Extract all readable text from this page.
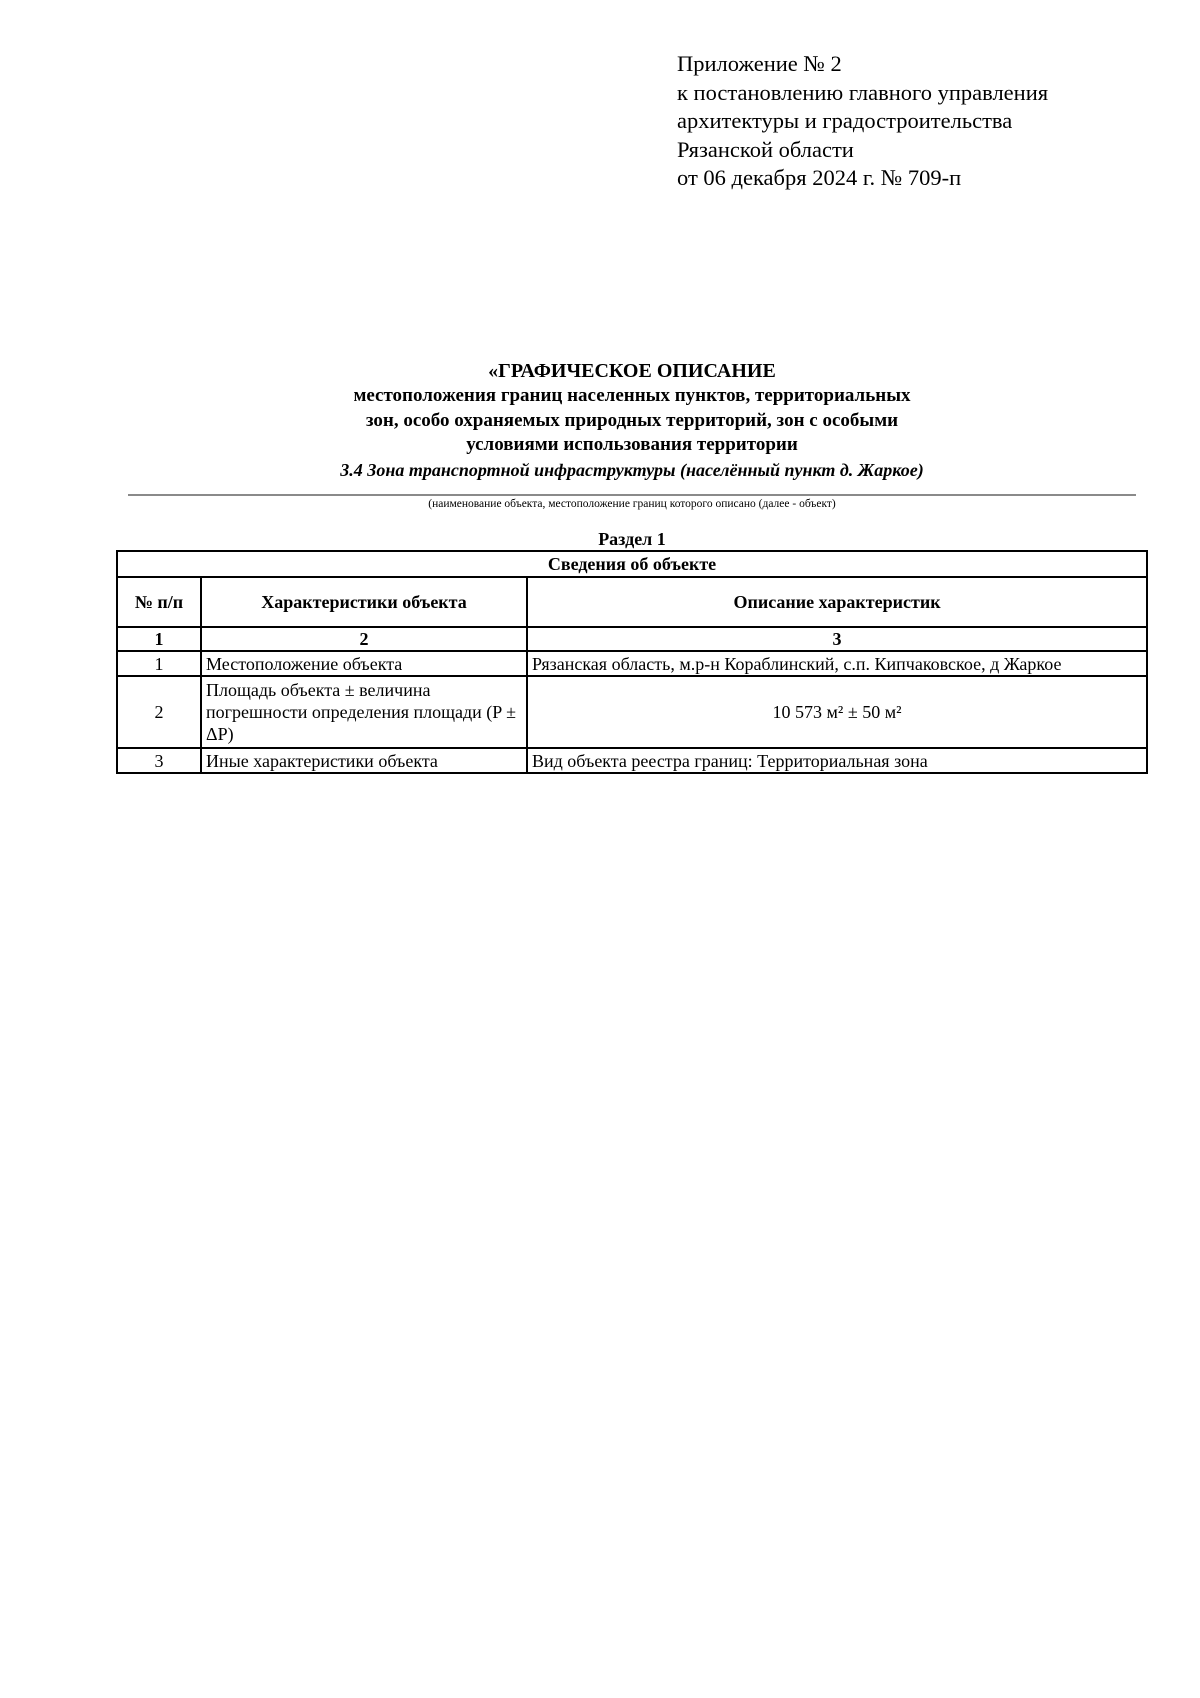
Приложение № 2
к постановлению главного управления
архитектуры и градостроительства
Рязанской области
от 06 декабря 2024 г. № 709-п
«ГРАФИЧЕСКОЕ ОПИСАНИЕ
местоположения границ населенных пунктов, территориальных
зон, особо охраняемых природных территорий, зон с особыми
условиями использования территории
3.4 Зона транспортной инфраструктуры (населённый пункт д. Жаркое)
(наименование объекта, местоположение границ которого описано (далее - объект)
Раздел 1
Сведения об объекте		
№ п/п	Характеристики объекта	Описание характеристик
1	2	3
1	Местоположение объекта	Рязанская область, м.р-н Кораблинский, с.п. Кипчаковское, д Жаркое
2	Площадь объекта ± величина погрешности определения площади (P ± ΔP)	10 573 м² ± 50 м²
3	Иные характеристики объекта	Вид объекта реестра границ: Территориальная зона
